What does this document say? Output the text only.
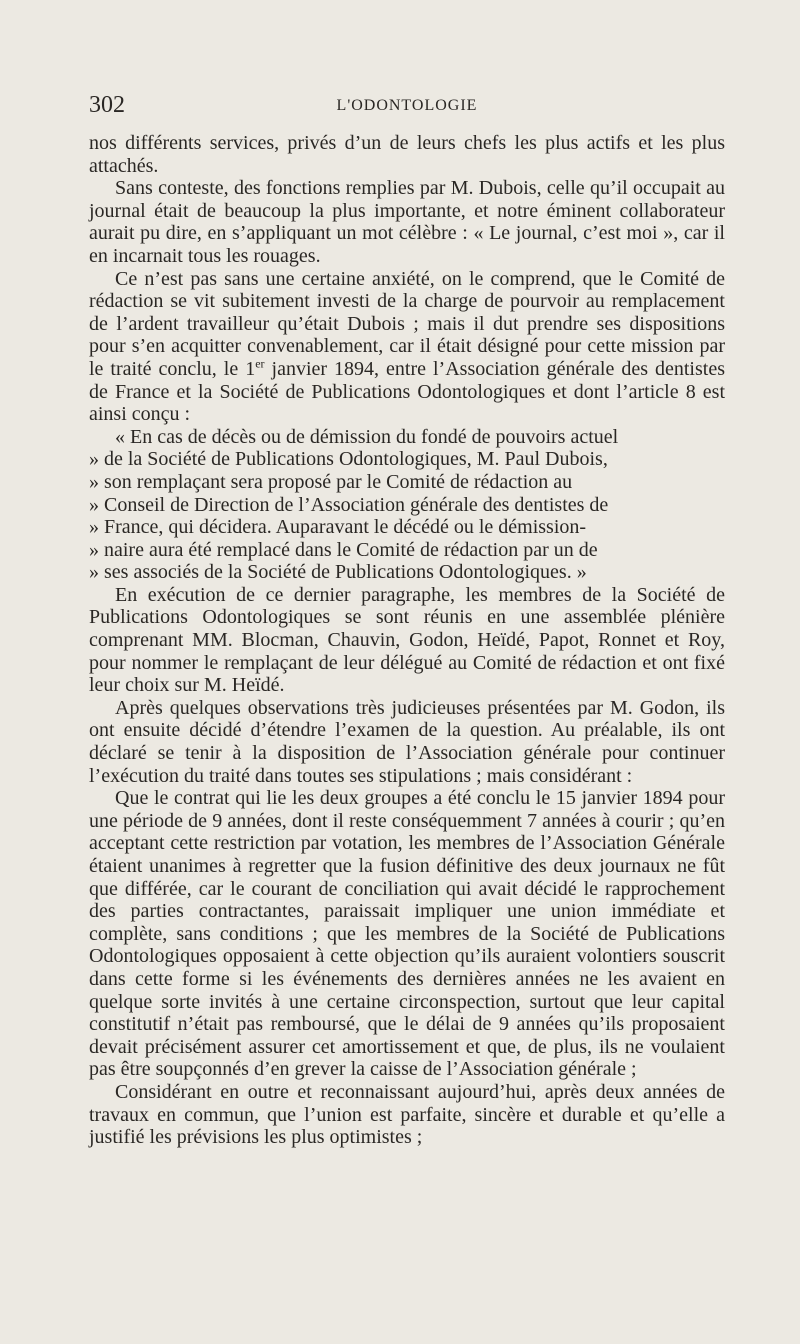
302	L'ODONTOLOGIE

nos différents services, privés d’un de leurs chefs les plus actifs et les plus attachés.

Sans conteste, des fonctions remplies par M. Dubois, celle qu’il occupait au journal était de beaucoup la plus importante, et notre éminent collaborateur aurait pu dire, en s’appliquant un mot célèbre : « Le journal, c’est moi », car il en incarnait tous les rouages.

Ce n’est pas sans une certaine anxiété, on le comprend, que le Comité de rédaction se vit subitement investi de la charge de pourvoir au remplacement de l’ardent travailleur qu’était Dubois ; mais il dut prendre ses dispositions pour s’en acquitter convenablement, car il était désigné pour cette mission par le traité conclu, le 1er janvier 1894, entre l’Association générale des dentistes de France et la Société de Publications Odontologiques et dont l’article 8 est ainsi conçu :

« En cas de décès ou de démission du fondé de pouvoirs actuel
» de la Société de Publications Odontologiques, M. Paul Dubois,
» son remplaçant sera proposé par le Comité de rédaction au
» Conseil de Direction de l’Association générale des dentistes de
» France, qui décidera. Auparavant le décédé ou le démission-
» naire aura été remplacé dans le Comité de rédaction par un de
» ses associés de la Société de Publications Odontologiques. »

En exécution de ce dernier paragraphe, les membres de la Société de Publications Odontologiques se sont réunis en une assemblée plénière comprenant MM. Blocman, Chauvin, Godon, Heïdé, Papot, Ronnet et Roy, pour nommer le remplaçant de leur délégué au Comité de rédaction et ont fixé leur choix sur M. Heïdé.

Après quelques observations très judicieuses présentées par M. Godon, ils ont ensuite décidé d’étendre l’examen de la question. Au préalable, ils ont déclaré se tenir à la disposition de l’Association générale pour continuer l’exécution du traité dans toutes ses stipulations ; mais considérant :

Que le contrat qui lie les deux groupes a été conclu le 15 janvier 1894 pour une période de 9 années, dont il reste conséquemment 7 années à courir ; qu’en acceptant cette restriction par votation, les membres de l’Association Générale étaient unanimes à regretter que la fusion définitive des deux journaux ne fût que différée, car le courant de conciliation qui avait décidé le rapprochement des parties contractantes, paraissait impliquer une union immédiate et complète, sans conditions ; que les membres de la Société de Publications Odontologiques opposaient à cette objection qu’ils auraient volontiers souscrit dans cette forme si les événements des dernières années ne les avaient en quelque sorte invités à une certaine circonspection, surtout que leur capital constitutif n’était pas remboursé, que le délai de 9 années qu’ils proposaient devait précisément assurer cet amortissement et que, de plus, ils ne voulaient pas être soupçonnés d’en grever la caisse de l’Association générale ;

Considérant en outre et reconnaissant aujourd’hui, après deux années de travaux en commun, que l’union est parfaite, sincère et durable et qu’elle a justifié les prévisions les plus optimistes ;
